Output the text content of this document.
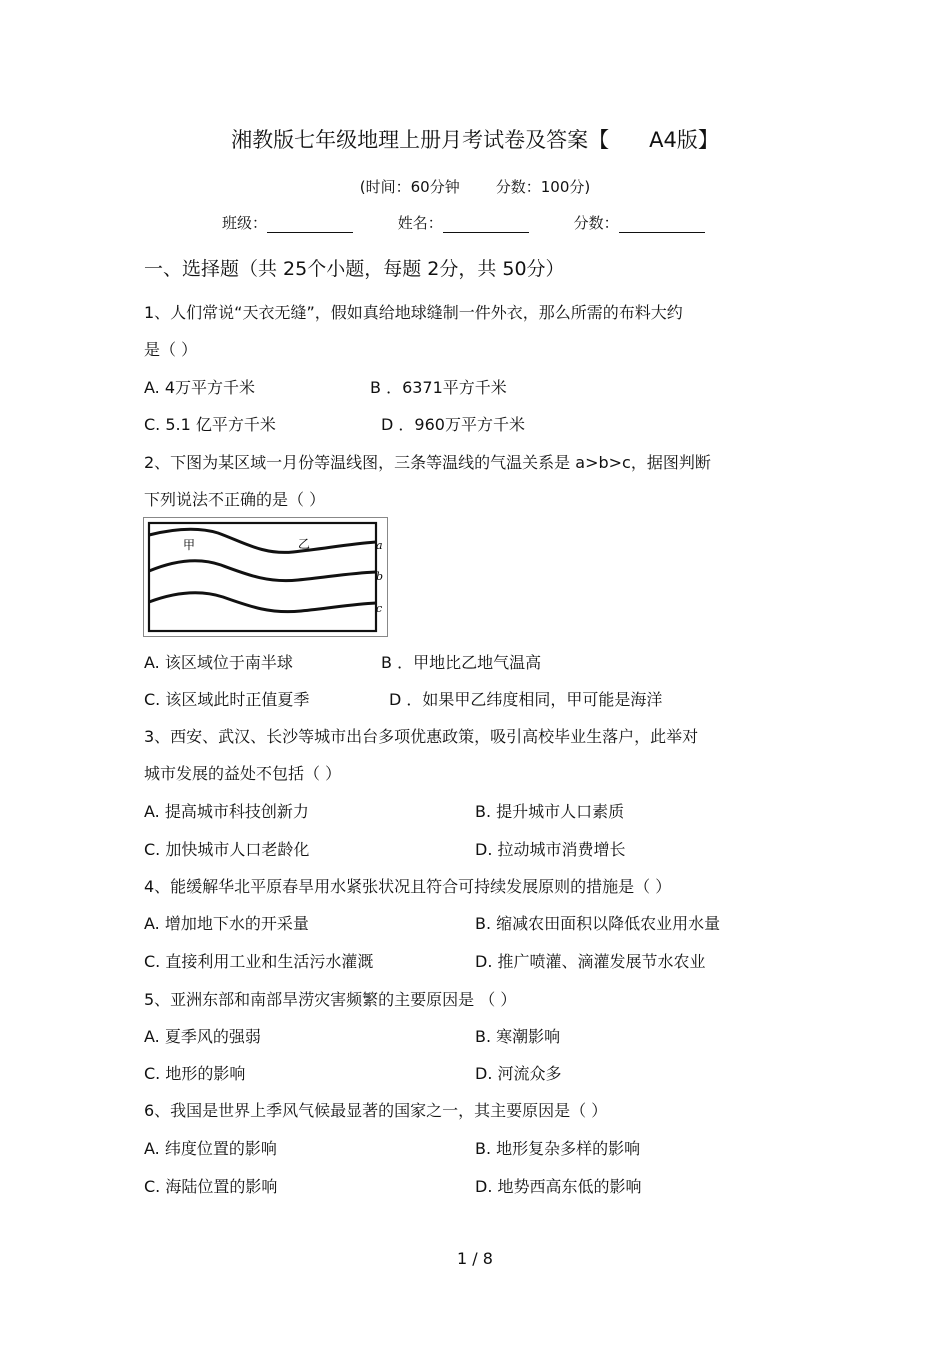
湘教版七年级地理上册月考试卷及答案【 A4版】
(时间：60分钟 分数：100分)
班级：	姓名：	分数：
一、选择题（共 25个小题，每题 2分，共 50分）
1、人们常说“天衣无缝”，假如真给地球缝制一件外衣，那么所需的布料大约
是（ ）
A. 4万平方千米	B ．6371平方千米
C. 5.1 亿平方千米	D ．960万平方千米
2、下图为某区域一月份等温线图，三条等温线的气温关系是 a>b>c，据图判断
下列说法不正确的是（ ）
甲	乙	a
b
c
A. 该区域位于南半球	B ．甲地比乙地气温高
C. 该区域此时正值夏季	D ．如果甲乙纬度相同，甲可能是海洋
3、西安、武汉、长沙等城市出台多项优惠政策，吸引高校毕业生落户，此举对
城市发展的益处不包括（ ）
A. 提高城市科技创新力	B. 提升城市人口素质
C. 加快城市人口老龄化	D. 拉动城市消费增长
4、能缓解华北平原春旱用水紧张状况且符合可持续发展原则的措施是（ ）
A. 增加地下水的开采量	B. 缩减农田面积以降低农业用水量
C. 直接利用工业和生活污水灌溉	D. 推广喷灌、滴灌发展节水农业
5、亚洲东部和南部旱涝灾害频繁的主要原因是 （ ）
A. 夏季风的强弱	B. 寒潮影响
C. 地形的影响	D. 河流众多
6、我国是世界上季风气候最显著的国家之一，其主要原因是（ ）
A. 纬度位置的影响	B. 地形复杂多样的影响
C. 海陆位置的影响	D. 地势西高东低的影响
1 / 8
